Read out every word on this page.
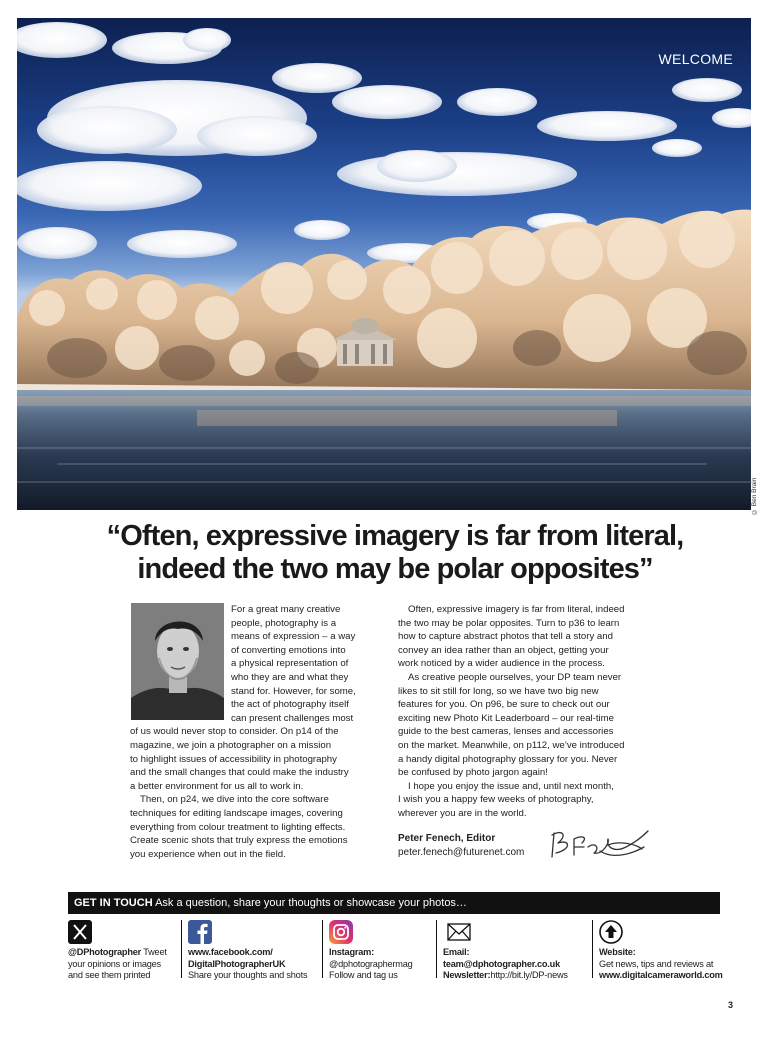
WELCOME
© Ben Brain
“Often, expressive imagery is far from literal,
indeed the two may be polar opposites”
For a great many creative
people, photography is a
means of expression – a way
of converting emotions into
a physical representation of
who they are and what they
stand for. However, for some,
the act of photography itself
can present challenges most
of us would never stop to consider. On p14 of the
magazine, we join a photographer on a mission
to highlight issues of accessibility in photography
and the small changes that could make the industry
a better environment for us all to work in.
Then, on p24, we dive into the core software
techniques for editing landscape images, covering
everything from colour treatment to lighting effects.
Create scenic shots that truly express the emotions
you experience when out in the field.
Often, expressive imagery is far from literal, indeed
the two may be polar opposites. Turn to p36 to learn
how to capture abstract photos that tell a story and
convey an idea rather than an object, getting your
work noticed by a wider audience in the process.
As creative people ourselves, your DP team never
likes to sit still for long, so we have two big new
features for you. On p96, be sure to check out our
exciting new Photo Kit Leaderboard – our real-time
guide to the best cameras, lenses and accessories
on the market. Meanwhile, on p112, we’ve introduced
a handy digital photography glossary for you. Never
be confused by photo jargon again!
I hope you enjoy the issue and, until next month,
I wish you a happy few weeks of photography,
wherever you are in the world.
Peter Fenech, Editor
peter.fenech@futurenet.com
GET IN TOUCH Ask a question, share your thoughts or showcase your photos…
@DPhotographer Tweet
your opinions or images
and see them printed
www.facebook.com/
DigitalPhotographerUK
Share your thoughts and shots
Instagram:
@dphotographermag
Follow and tag us
Email:
team@dphotographer.co.uk
Newsletter:http://bit.ly/DP-news
Website:
Get news, tips and reviews at
www.digitalcameraworld.com
3
